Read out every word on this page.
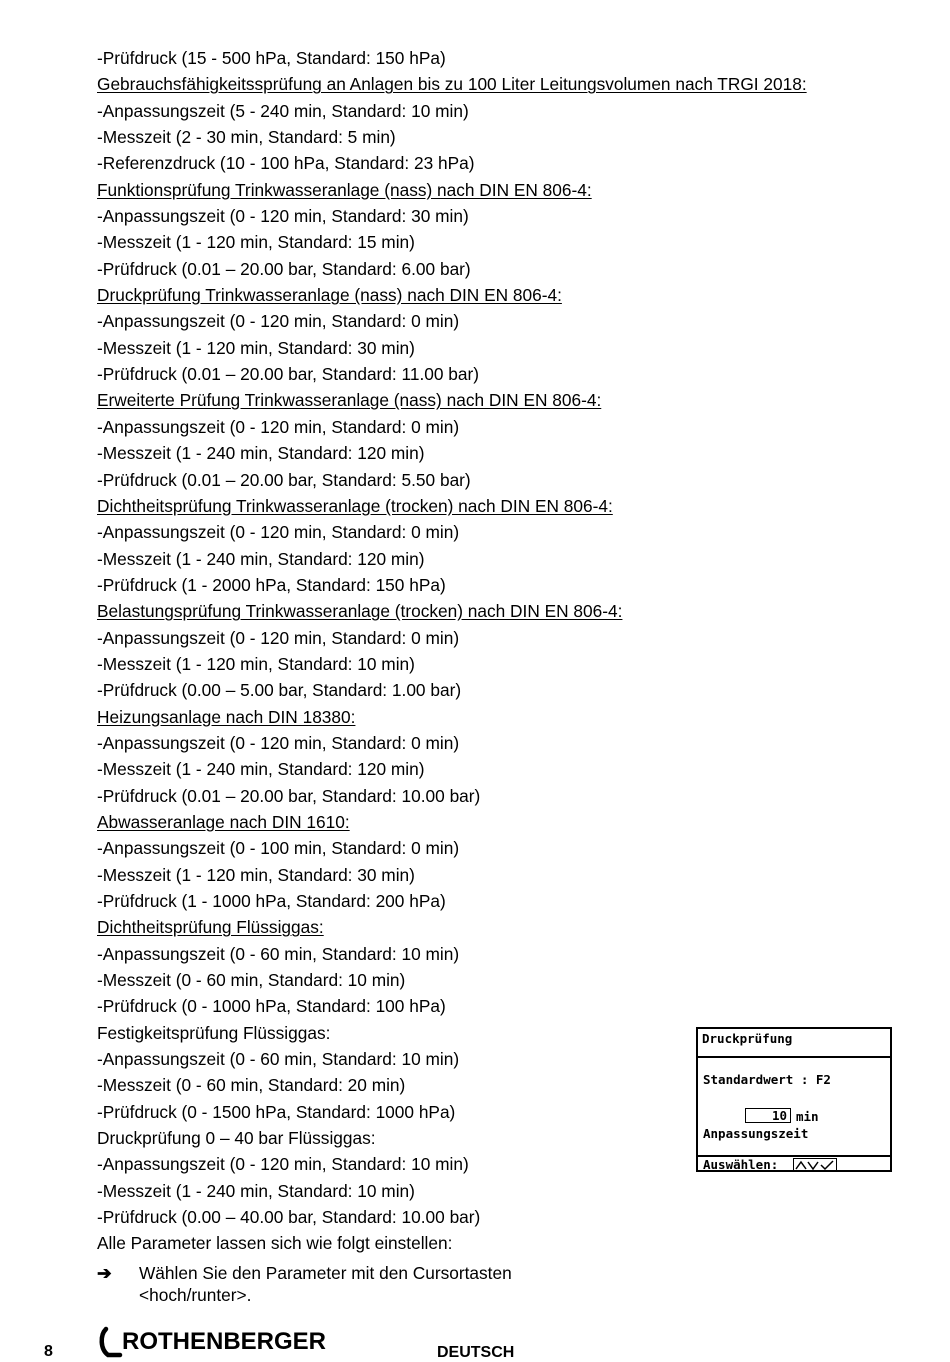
-Prüfdruck (15 - 500 hPa, Standard: 150 hPa)
Gebrauchsfähigkeitssprüfung an Anlagen bis zu 100 Liter Leitungsvolumen nach TRGI 2018:
-Anpassungszeit (5 - 240 min, Standard: 10 min)
-Messzeit (2 - 30 min, Standard: 5 min)
-Referenzdruck (10 - 100 hPa, Standard: 23 hPa)
Funktionsprüfung Trinkwasseranlage (nass) nach DIN EN 806-4:
-Anpassungszeit (0 - 120 min, Standard: 30 min)
-Messzeit (1 - 120 min, Standard: 15 min)
-Prüfdruck (0.01 – 20.00 bar, Standard: 6.00 bar)
Druckprüfung Trinkwasseranlage (nass) nach DIN EN 806-4:
-Anpassungszeit (0 - 120 min, Standard: 0 min)
-Messzeit (1 - 120 min, Standard: 30 min)
-Prüfdruck (0.01 – 20.00 bar, Standard: 11.00 bar)
Erweiterte Prüfung Trinkwasseranlage (nass) nach DIN EN 806-4:
-Anpassungszeit (0 - 120 min, Standard: 0 min)
-Messzeit (1 - 240 min, Standard: 120 min)
-Prüfdruck (0.01 – 20.00 bar, Standard: 5.50 bar)
Dichtheitsprüfung Trinkwasseranlage (trocken) nach DIN EN 806-4:
-Anpassungszeit (0 - 120 min, Standard: 0 min)
-Messzeit (1 - 240 min, Standard: 120 min)
-Prüfdruck (1 - 2000 hPa, Standard: 150 hPa)
Belastungsprüfung Trinkwasseranlage (trocken) nach DIN EN 806-4:
-Anpassungszeit (0 - 120 min, Standard: 0 min)
-Messzeit (1 - 120 min, Standard: 10 min)
-Prüfdruck (0.00 – 5.00 bar, Standard: 1.00 bar)
Heizungsanlage nach DIN 18380:
-Anpassungszeit (0 - 120 min, Standard: 0 min)
-Messzeit (1 - 240 min, Standard: 120 min)
-Prüfdruck (0.01 – 20.00 bar, Standard: 10.00 bar)
Abwasseranlage nach DIN 1610:
-Anpassungszeit (0 - 100 min, Standard: 0 min)
-Messzeit (1 - 120 min, Standard: 30 min)
-Prüfdruck (1 - 1000 hPa, Standard: 200 hPa)
Dichtheitsprüfung Flüssiggas:
-Anpassungszeit (0 - 60 min, Standard: 10 min)
-Messzeit (0 - 60 min, Standard: 10 min)
-Prüfdruck (0 - 1000 hPa, Standard: 100 hPa)
Festigkeitsprüfung Flüssiggas:
-Anpassungszeit (0 - 60 min, Standard: 10 min)
-Messzeit (0 - 60 min, Standard: 20 min)
-Prüfdruck (0 - 1500 hPa, Standard: 1000 hPa)
Druckprüfung 0 – 40 bar Flüssiggas:
-Anpassungszeit (0 - 120 min, Standard: 10 min)
-Messzeit (1 - 240 min, Standard: 10 min)
-Prüfdruck (0.00 – 40.00 bar, Standard: 10.00 bar)
Alle Parameter lassen sich wie folgt einstellen:
➔	Wählen Sie den Parameter mit den Cursortasten <hoch/runter>.
Druckprüfung
Standardwert : F2
10 min
Anpassungszeit
Auswählen:
8	ROTHENBERGER	DEUTSCH
